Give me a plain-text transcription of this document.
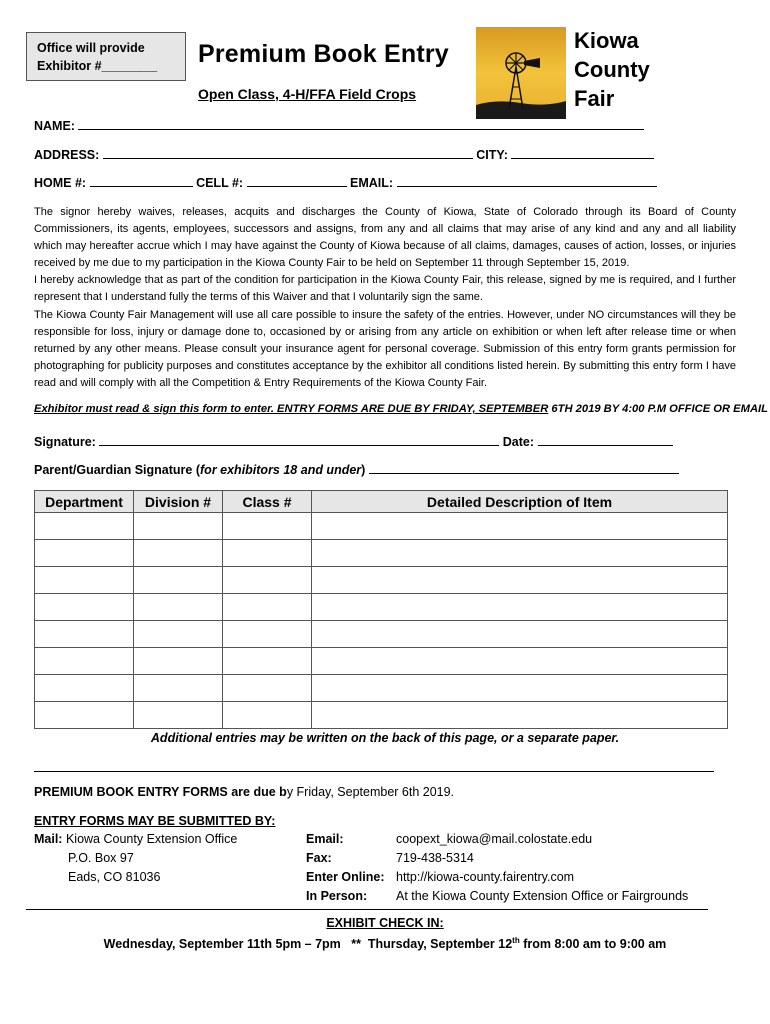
Office will provide
Exhibitor #________	Premium Book Entry
Open Class, 4-H/FFA Field Crops
Kiowa
County
Fair
NAME:
ADDRESS:	CITY:
HOME #:	CELL #:	EMAIL:

The signor hereby waives, releases, acquits and discharges the County of Kiowa, State of Colorado through its Board of County Commissioners, its agents, employees, successors and assigns, from any and all claims that may arise of any kind and any and all liability which may hereafter accrue which I may have against the County of Kiowa because of all claims, damages, causes of action, losses, or injuries received by me due to my participation in the Kiowa County Fair to be held on September 11 through September 15, 2019.

I hereby acknowledge that as part of the condition for participation in the Kiowa County Fair, this release, signed by me is required, and I further represent that I understand fully the terms of this Waiver and that I voluntarily sign the same.

The Kiowa County Fair Management will use all care possible to insure the safety of the entries. However, under NO circumstances will they be responsible for loss, injury or damage done to, occasioned by or arising from any article on exhibition or when left after release time or when returned by any other means. Please consult your insurance agent for personal coverage. Submission of this entry form grants permission for photographing for publicity purposes and constitutes acceptance by the exhibitor all conditions listed herein. By submitting this entry form I have read and will comply with all the Competition & Entry Requirements of the Kiowa County Fair.

Exhibitor must read & sign this form to enter. ENTRY FORMS ARE DUE BY FRIDAY, SEPTEMBER 6TH 2019 BY 4:00 P.M OFFICE OR EMAIL
Signature:	Date:
Parent/Guardian Signature (for exhibitors 18 and under)
Department	Division #	Class #	Detailed Description of Item

Additional entries may be written on the back of this page, or a separate paper.
PREMIUM BOOK ENTRY FORMS are due by Friday, September 6th 2019.
ENTRY FORMS MAY BE SUBMITTED BY:
Mail: Kiowa County Extension Office
P.O. Box 97
Eads, CO 81036
Email:	coopext_kiowa@mail.colostate.edu
Fax:	719-438-5314
Enter Online: http://kiowa-county.fairentry.com
In Person: At the Kiowa County Extension Office or Fairgrounds
EXHIBIT CHECK IN:
Wednesday, September 11th 5pm – 7pm   **  Thursday, September 12th from 8:00 am to 9:00 am
